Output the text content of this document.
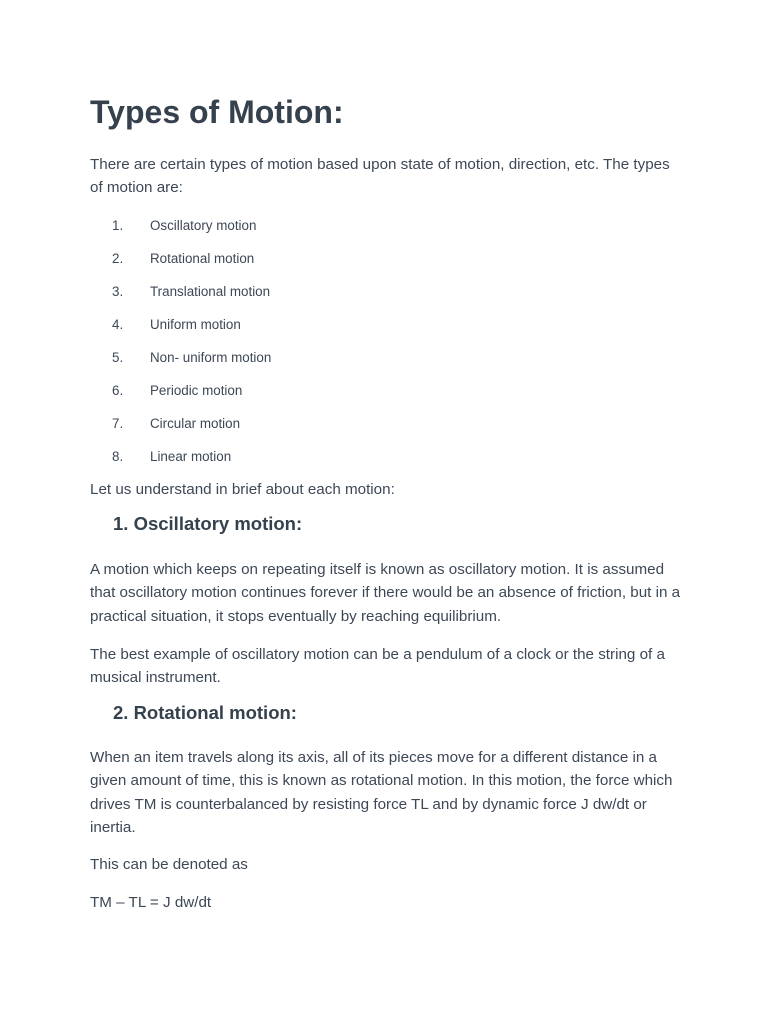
Types of Motion:

There are certain types of motion based upon state of motion, direction, etc. The types of motion are:

1.	Oscillatory motion
2.	Rotational motion
3.	Translational motion
4.	Uniform motion
5.	Non- uniform motion
6.	Periodic motion
7.	Circular motion
8.	Linear motion

Let us understand in brief about each motion:

1. Oscillatory motion:

A motion which keeps on repeating itself is known as oscillatory motion. It is assumed that oscillatory motion continues forever if there would be an absence of friction, but in a practical situation, it stops eventually by reaching equilibrium.

The best example of oscillatory motion can be a pendulum of a clock or the string of a musical instrument.

2. Rotational motion:

When an item travels along its axis, all of its pieces move for a different distance in a given amount of time, this is known as rotational motion. In this motion, the force which drives TM is counterbalanced by resisting force TL and by dynamic force J dw/dt or inertia.

This can be denoted as

TM – TL = J dw/dt
